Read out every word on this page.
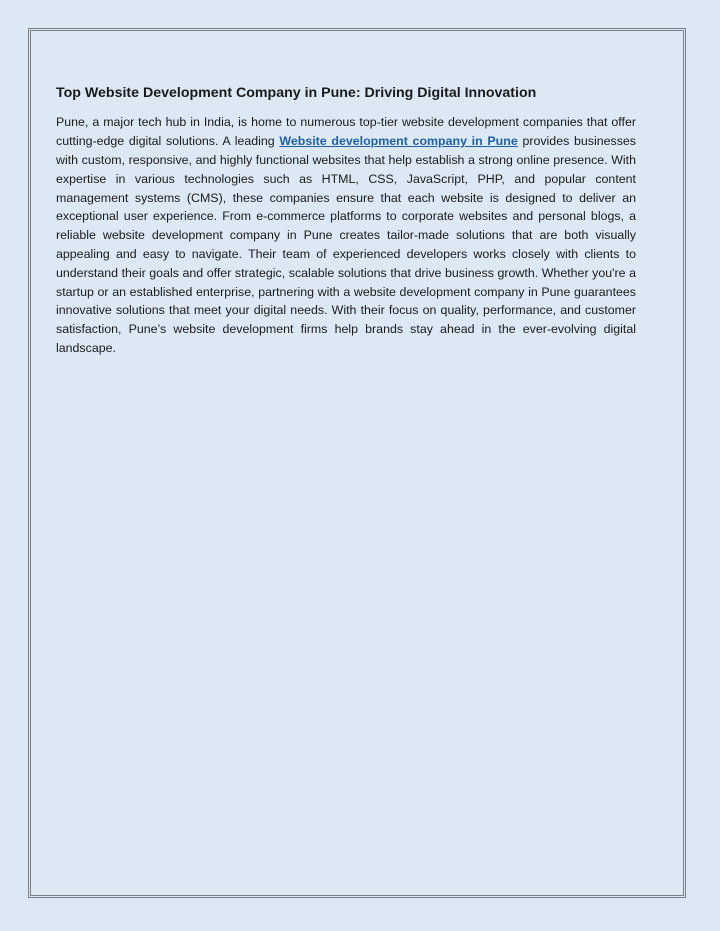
Top Website Development Company in Pune: Driving Digital Innovation

Pune, a major tech hub in India, is home to numerous top-tier website development companies that offer cutting-edge digital solutions. A leading Website development company in Pune provides businesses with custom, responsive, and highly functional websites that help establish a strong online presence. With expertise in various technologies such as HTML, CSS, JavaScript, PHP, and popular content management systems (CMS), these companies ensure that each website is designed to deliver an exceptional user experience. From e-commerce platforms to corporate websites and personal blogs, a reliable website development company in Pune creates tailor-made solutions that are both visually appealing and easy to navigate. Their team of experienced developers works closely with clients to understand their goals and offer strategic, scalable solutions that drive business growth. Whether you're a startup or an established enterprise, partnering with a website development company in Pune guarantees innovative solutions that meet your digital needs. With their focus on quality, performance, and customer satisfaction, Pune’s website development firms help brands stay ahead in the ever-evolving digital landscape.
